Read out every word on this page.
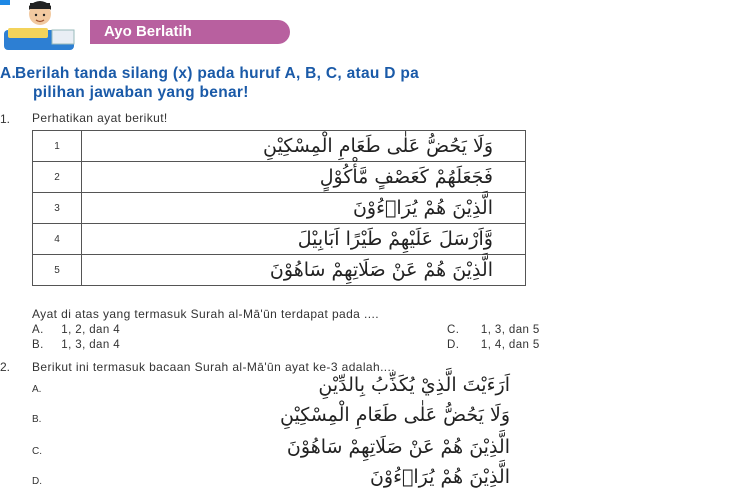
Ayo Berlatih
A.
Berilah tanda silang (x) pada huruf A, B, C, atau D pa
pilihan jawaban yang benar!
1. Perhatikan ayat berikut!
1	وَلَا يَحُضُّ عَلٰى طَعَامِ الْمِسْكِيْنِ
2	فَجَعَلَهُمْ كَعَصْفٍ مَّأْكُوْلٍ
3	الَّذِيْنَ هُمْ يُرَاۤءُوْنَ
4	وَّاَرْسَلَ عَلَيْهِمْ طَيْرًا اَبَابِيْلَ
5	الَّذِيْنَ هُمْ عَنْ صَلَاتِهِمْ سَاهُوْنَ
Ayat di atas yang termasuk Surah al-Mā'ūn terdapat pada ....
A. 1, 2, dan 4
B. 1, 3, dan 4
C. 1, 3, dan 5
D. 1, 4, dan 5
2. Berikut ini termasuk bacaan Surah al-Mā'ūn ayat ke-3 adalah....
A.	اَرَءَيْتَ الَّذِيْ يُكَذِّبُ بِالدِّيْنِ
B.	وَلَا يَحُضُّ عَلٰى طَعَامِ الْمِسْكِيْنِ
C.	الَّذِيْنَ هُمْ عَنْ صَلَاتِهِمْ سَاهُوْنَ
D.	الَّذِيْنَ هُمْ يُرَاۤءُوْنَ
